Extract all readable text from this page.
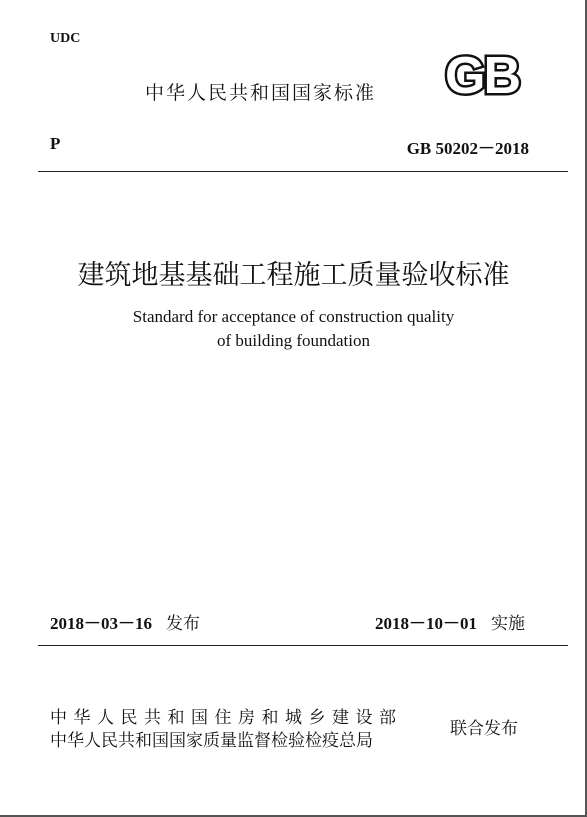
UDC
中华人民共和国国家标准 GB
P	GB 50202－2018
建筑地基基础工程施工质量验收标准
Standard for acceptance of construction quality
of building foundation
2018－03－16 发布	2018－10－01 实施
中华人民共和国住房和城乡建设部
中华人民共和国国家质量监督检验检疫总局
联合发布
